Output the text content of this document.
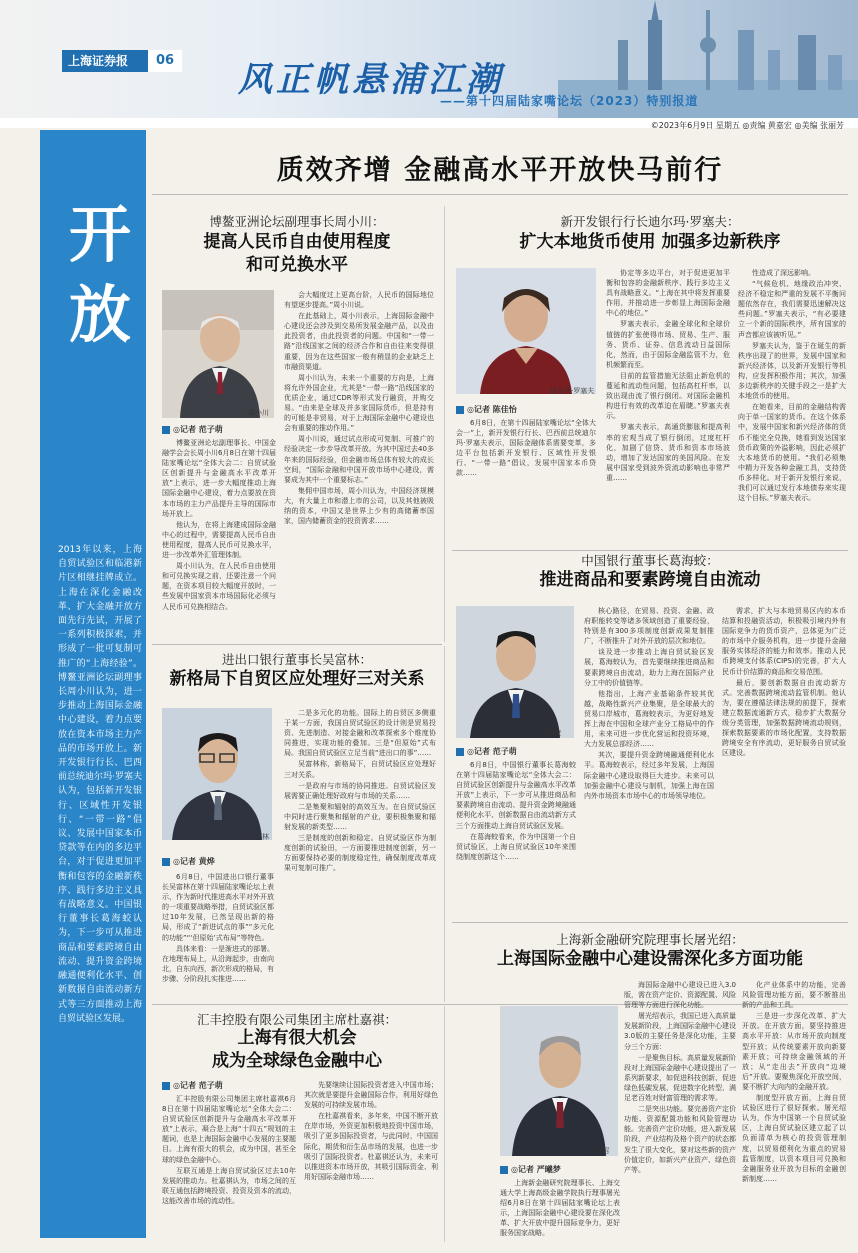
上海证券报	06 风正帆悬浦江潮
——第十四届陆家嘴论坛（2023）特别报道
©2023年6月9日 星期五 ◎责编 黄嘉宏 ◎美编 张丽芳
开放
2013年以来，上海自贸试验区和临港新片区相继挂牌成立。上海在深化金融改革、扩大金融开放方面先行先试，开展了一系列积极探索，并形成了一批可复制可推广的“上海经验”。博鳌亚洲论坛副理事长周小川认为，进一步推动上海国际金融中心建设，着力点要放在资本市场主力产品的市场开放上。新开发银行行长、巴西前总统迪尔玛·罗塞夫认为，包括新开发银行、区域性开发银行、“一带一路”倡议、发展中国家本币贷款等在内的多边平台，对于促进更加平衡和包容的金融新秩序、践行多边主义具有战略意义。中国银行董事长葛海蛟认为，下一步可从推进商品和要素跨境自由流动、提升资金跨境融通便利化水平、创新数据自由流动新方式等三方面推动上海自贸试验区发展。
质效齐增 金融高水平开放快马前行
博鳌亚洲论坛副理事长周小川：
提高人民币自由使用程度
和可兑换水平
周小川
◎记者 范子萌

博鳌亚洲论坛副理事长、中国金融学会会长周小川6月8日在第十四届陆家嘴论坛“全体大会二：自贸试验区创新提升与金融高水平改革开放”上表示，进一步大幅度推动上海国际金融中心建设，着力点要放在资本市场的主力产品提升主导的国际市场开放上。

他认为，在将上海建成国际金融中心的过程中，需要提高人民币自由使用程度，提高人民币可兑换水平，进一步改革外汇管理体制。

周小川认为，在人民币自由使用和可兑换实现之前，还要注意一个问题，在资本项目较大幅度开放时，一些发展中国家资本市场国际化必须与人民币可兑换相结合。

会大幅度过上更高台阶，人民币的国际地位有望逐步提高。”周小川说。

在此基础上，周小川表示，上海国际金融中心建设还会涉及到交易所发展金融产品，以及由此投资者，由此投资者的问题。中国和“一带一路”沿线国家之间的经济合作和自由往来变得很重要，因为在这些国家一般有稍显的企业缺乏上市融资渠道。

周小川认为，未来一个重要的方向是，上海将允许外国企业，尤其是“一带一路”沿线国家的优质企业，通过CDR等形式发行融资，并购交易。“由来是全球及并多家国际货币，但是持有的可能是非贸易，对于上海国际金融中心建设也会有重要的推动作用。”

周小川说，通过试点形成可复制、可推广的经验决定一步步导改革开放。为其中国过去40多年来的国际经验，但金融市场总体有较大的成长空间，“国际金融和中国开放市场中心建设，需要成为其中一个重要标志。”

集佣中国市场，周小川认为，中国经济规模大，有大量上市和潜上市的公司，以及其他被吸纳的资本，中国又是世界上少有的高储蓄率国家，国内储蓄资金的投资需求……

新开发银行行长迪尔玛·罗塞夫：
扩大本地货币使用 加强多边新秩序
迪尔玛·罗塞夫
◎记者 陈佳怡

6月8日，在第十四届陆家嘴论坛“全体大会一”上，新开发银行行长、巴西前总统迪尔玛·罗塞夫表示，国际金融体系需要变革，多边平台包括新开发银行、区域性开发银行、“一带一路”倡议，发展中国家本币贷款……

协定等多边平台，对于促进更加平衡和包容的金融新秩序、践行多边主义具有战略意义。“上海在其中将发挥重要作用，并推动进一步彰显上海国际金融中心的地位。”

罗塞夫表示，金融全球化和全球价值链的扩张使得市场、贸易、生产、服务、货币、证券、信息流动日益国际化，然而，由于国际金融监管不力，危机频繁而至。

目前的监管措施无法阻止新危机的蔓延和流动性问题，包括高杠杆率，以致出现由流了银行倒闭。对国际金融机构进行有效的改革迫在眉睫。”罗塞夫表示。

罗塞夫表示，高通货膨胀和提高利率的宏观当成了银行倒闭，过度杠杆化，加剧了信贷、货币和资本市场波动，增加了发达国家的美国风险。在发展中国家受到波外资流动影响也非常严重……

性造成了深远影响。

“气候危机、地缘政治冲突、经济不稳定和严重的发展不平衡问题依然存在，我们需要迅速解决这些问题。”罗塞夫表示，“有必要建立一个新的国际秩序，所有国家的声音都应该被听见。”

罗塞夫认为，鉴于在诞生的新秩序出现了的世界，发展中国家和新兴经济体，以及新开发银行等机构，应发挥积极作用；其次，加强多边新秩序的关键手段之一是扩大本地货币的使用。

在她看来，目前的金融结构需向于单一国家的货币。在这个体系中，发展中国家和新兴经济体的货币不能完全兑换，她看到发达国家货币政策的外溢影响，因此必须扩大本地货币的使用。“我们必须集中精力开发各种金融工具，支持货币多样化。对于新开发银行来说，我们可以通过发行本地债券来实现这个目标。”罗塞夫表示。

中国银行董事长葛海蛟：
推进商品和要素跨境自由流动
葛海蛟
◎记者 范子萌

6月8日，中国银行董事长葛海蛟在第十四届陆家嘴论坛“全体大会二：自贸试验区创新提升与金融高水平改革开放”上表示，下一步可从推进商品和要素跨境自由流动、提升资金跨境融通便利化水平、创新数据自由流动新方式三个方面推动上海自贸试验区发展。

在葛海蛟看来，作为中国第一个自贸试验区，上海自贸试验区10年来围绕制度创新这个……

核心路径，在贸易、投资、金融、政府职能转变等诸多领域创造了重要经验，特别是有300多项制度创新成果复制推广，不断推升了对外开放的层次和地位。

谈及进一步推动上海自贸试验区发展，葛海蛟认为，首先要继续推进商品和要素跨境自由流动，助力上海在国际产业分工中的价值链等。

他指出，上海产业基础条件较其优越，战略性新兴产业集聚，是全球最大的贸易口岸城市，葛海蛟表示，为更好地发挥上海在中国和全球产业分工格局中的作用，未来可进一步优化营运和投资环境，大力发展总部经济……

其次，要提升资金跨境融通便利化水平。葛海蛟表示，经过多年发展，上海国际金融中心建设取得巨大进步。未来可以加强金融中心建设与制机，加强上海在国内外市场资本市场中心的市场领导地位。

需求，扩大与本地贸易区内的本币结算和投融资活动，积极吸引境内外有国际竞争力的货币资产，总体更为广泛的市场中介服务机构，进一步提升金融服务实体经济的能力和效率。推动人民币跨境支付体系(CIPS)的完善，扩大人民币计价结算的商品和交易范围。

最后，要创新数据自由流动新方式。完善数据跨境流动监管机制。他认为，要在遵循法律法规的前提下，探索建立数据流通新方式，稳步扩大数据分级分类管理，加强数据跨境流动规则，探索数据要素的市场化配置，支持数据跨境安全有序流动，更好服务自贸试验区建设。

进出口银行董事长吴富林：
新格局下自贸区应处理好三对关系
吴富林
◎记者 黄烨

6月8日，中国进出口银行董事长吴富林在第十四届陆家嘴论坛上表示，作为新时代推进高水平对外开放的一项重要战略举措，自贸试验区都过10年发展，已然呈现出新的格局，形成了“新进试点的事”“多元化的功能”“‘但原始’式布局”等特色。

具体来看：一是渐进式的部署。在地理布局上，从沿海起步，由南向北，自东向西，新次形成的格局，有步骤、分阶段扎实推进……

二是多元化的功能。国际上的自贸区多侧重于某一方面，我国自贸试验区的设计则是贸易投资、先进制造、对接金融和改革探索多个维度协同推进，实现功能的叠加。三是“但原始”式布局。我国自贸试验区立足当前“进出口的事”……

吴富林称，新格局下，自贸试验区应处理好三对关系。

一是政府与市场的协同推进。自贸试验区发展需要正确处理好政府与市场的关系……

二是集聚和辐射的高效互为。在自贸试验区中同时进行聚集和辐射的产业，要积极集聚和辐射发展的新类型……

三是制度的创新和稳定。自贸试验区作为制度创新的试验田，一方面要推进制度创新，另一方面要保持必要的制度稳定性，确保制度改革成果可复制可推广。

汇丰控股有限公司集团主席杜嘉祺：
上海有很大机会
成为全球绿色金融中心
◎记者 范子萌

汇丰控股有限公司集团主席杜嘉祺6月8日在第十四届陆家嘴论坛“全体大会二：自贸试验区创新提升与金融高水平改革开放”上表示，凝合是上海“十四五”规划的主题词，也是上海国际金融中心发展的主要题目。上海有很大的机会，成为中国，甚至全球的绿色金融中心。

互联互通是上海自贸试验区过去10年发展的推动力。杜嘉祺认为，市场之间的互联互通包括跨境投资、投资及资本的流动，这能改善市场的流动性。

先要继续让国际投资者进入中国市场；其次就是要提升金融国际合作，利用好绿色发展的可持续发展市场。

在杜嘉祺看来，多年来，中国不断开放在岸市场，外资更加积极地投资中国市场，吸引了更多国际投资者，与此同时，中国国际化，期货和衍生品市场的发展，也进一步吸引了国际投资者。杜嘉祺还认为，未来可以推进资本市场开放，其吸引国际资金、利用好国际金融市场……

上海新金融研究院理事长屠光绍：
上海国际金融中心建设需深化多方面功能
屠光绍
◎记者 严曦梦

上海新金融研究院理事长、上海交通大学上海高级金融学院执行理事屠光绍6月8日在第十四届陆家嘴论坛上表示，上海国际金融中心建设要在深化改革、扩大开放中提升国际竞争力，更好服务国家战略。

海国际金融中心建设已进入3.0版，需在资产定价、资源配置、风险管理等方面进行深化功能。

屠光绍表示，我国已进入高质量发展新阶段，上海国际金融中心建设3.0版的主要任务是深化功能，主要分三个方面：

一是聚焦目标。高质量发展新阶段对上海国际金融中心建设提出了一系列新要求，如促进科技创新、促进绿色低碳发展、促进数字化转型、满足老百姓对财富管理的需求等。

二是突出功能。要完善资产定价功能、资源配置功能和风险管理功能。完善资产定价功能，进入新发展阶段，产业结构及格个资产的状态都发生了很大变化，要对这些新的资产价值定价，如新兴产业资产、绿色资产等。

化产业体系中的功能，完善风险管理功能方面，要不断推出新的产品和工具。

三是进一步深化改革、扩大开放。在开放方面，要坚持推进高水平开放：从市场开放向制度型开放；从传统要素开放向新要素开放；可持续金融领域的开放；从“走出去”开放向“边境后”开放。要聚焦深化开放空间，要不断扩大向内的金融开放。

制度型开放方面，上海自贸试验区进行了很好探索。屠光绍认为，作为中国第一个自贸试验区，上海自贸试验区建立起了以负面清单为核心的投资管理制度，以贸易便利化为重点的贸易监管制度，以资本项目可兑换和金融服务业开放为目标的金融创新制度……
